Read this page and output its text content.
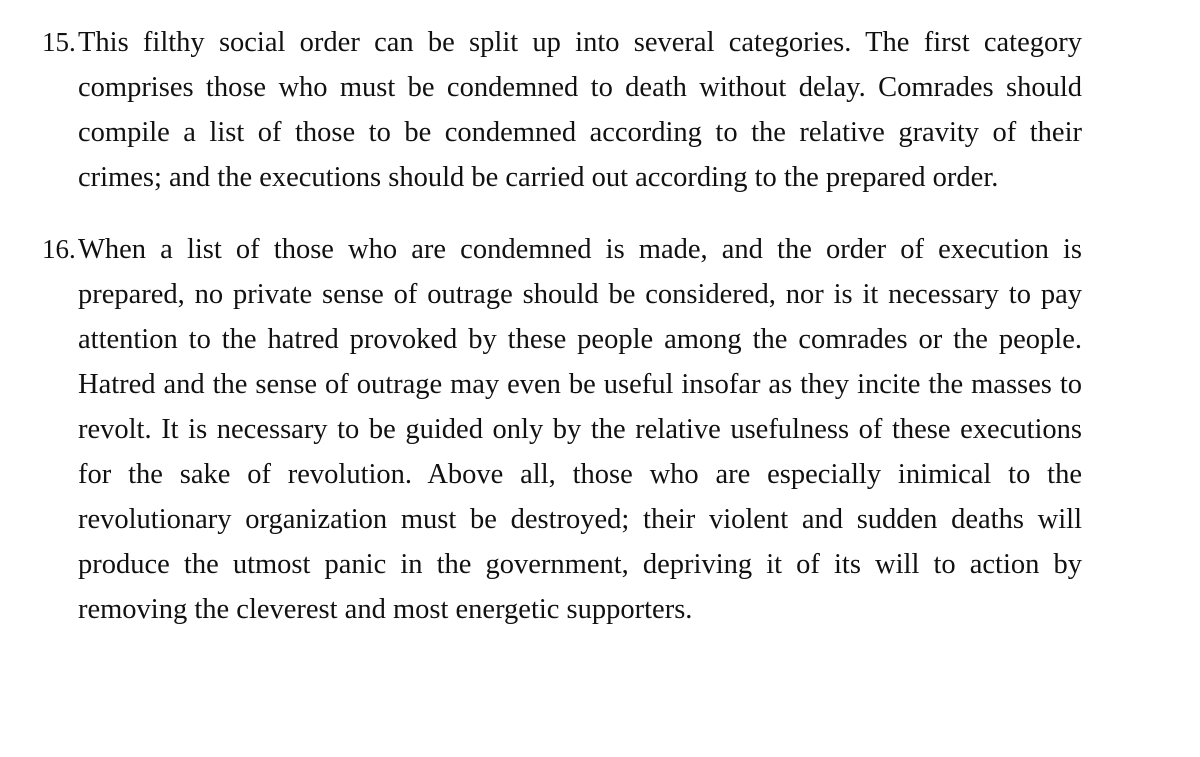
15. This filthy social order can be split up into several categories. The first category comprises those who must be condemned to death without delay. Comrades should compile a list of those to be condemned according to the relative gravity of their crimes; and the executions should be carried out according to the prepared order.

16. When a list of those who are condemned is made, and the order of execution is prepared, no private sense of outrage should be considered, nor is it necessary to pay attention to the hatred provoked by these people among the comrades or the people. Hatred and the sense of outrage may even be useful insofar as they incite the masses to revolt. It is necessary to be guided only by the relative usefulness of these executions for the sake of revolution. Above all, those who are especially inimical to the revolutionary organization must be destroyed; their violent and sudden deaths will produce the utmost panic in the government, depriving it of its will to action by removing the cleverest and most energetic supporters.
